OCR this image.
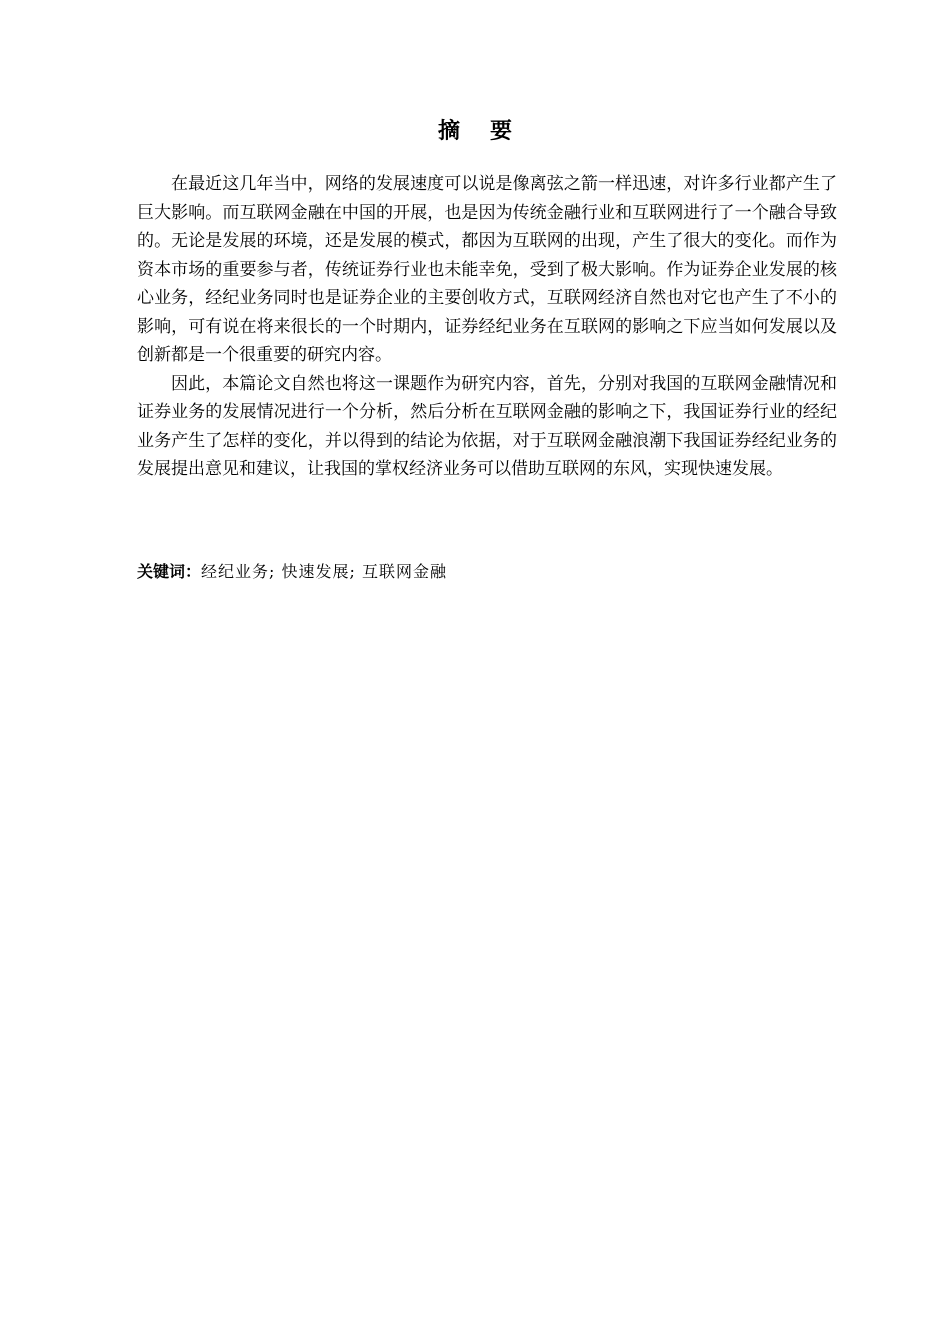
摘要

在最近这几年当中，网络的发展速度可以说是像离弦之箭一样迅速，对许多行业都产生了巨大影响。而互联网金融在中国的开展，也是因为传统金融行业和互联网进行了一个融合导致的。无论是发展的环境，还是发展的模式，都因为互联网的出现，产生了很大的变化。而作为资本市场的重要参与者，传统证券行业也未能幸免，受到了极大影响。作为证券企业发展的核心业务，经纪业务同时也是证券企业的主要创收方式，互联网经济自然也对它也产生了不小的影响，可有说在将来很长的一个时期内，证券经纪业务在互联网的影响之下应当如何发展以及创新都是一个很重要的研究内容。

因此，本篇论文自然也将这一课题作为研究内容，首先，分别对我国的互联网金融情况和证券业务的发展情况进行一个分析，然后分析在互联网金融的影响之下，我国证券行业的经纪业务产生了怎样的变化，并以得到的结论为依据，对于互联网金融浪潮下我国证券经纪业务的发展提出意见和建议，让我国的掌权经济业务可以借助互联网的东风，实现快速发展。

关键词：经纪业务; 快速发展; 互联网金融
